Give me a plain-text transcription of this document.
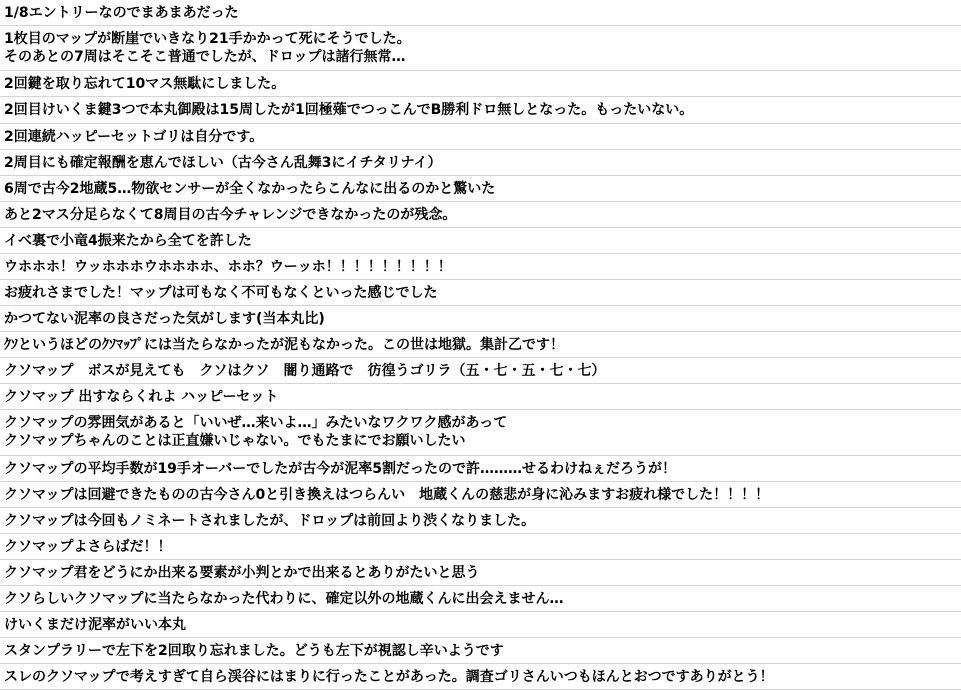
1/8エントリーなのでまあまあだった
1枚目のマップが断崖でいきなり21手かかって死にそうでした。
そのあとの7周はそこそこ普通でしたが、ドロップは諸行無常…
2回鍵を取り忘れて10マス無駄にしました。
2回目けいくま鍵3つで本丸御殿は15周したが1回極薙でつっこんでB勝利ドロ無しとなった。もったいない。
2回連続ハッピーセットゴリは自分です。
2周目にも確定報酬を恵んでほしい（古今さん乱舞3にイチタリナイ）
6周で古今2地蔵5…物欲センサーが全くなかったらこんなに出るのかと驚いた
あと2マス分足らなくて8周目の古今チャレンジできなかったのが残念。
イベ裏で小竜4振来たから全てを許した
ウホホホ！ウッホホホウホホホホ、ホホ？ウーッホ！！！！！！！！！
お疲れさまでした！マップは可もなく不可もなくといった感じでした
かつてない泥率の良さだった気がします(当本丸比)
ｸｿというほどのｸｿﾏｯﾌﾟには当たらなかったが泥もなかった。この世は地獄。集計乙です！
クソマップ　ボスが見えても　クソはクソ　闇り通路で　彷徨うゴリラ（五・七・五・七・七）
クソマップ 出すならくれよ ハッピーセット
クソマップの雰囲気があると「いいぜ…来いよ…」みたいなワクワク感があって
クソマップちゃんのことは正直嫌いじゃない。でもたまにでお願いしたい
クソマップの平均手数が19手オーバーでしたが古今が泥率5割だったので許………せるわけねぇだろうが！
クソマップは回避できたものの古今さん0と引き換えはつらんい　地蔵くんの慈悲が身に沁みますお疲れ様でした！！！！
クソマップは今回もノミネートされましたが、ドロップは前回より渋くなりました。
クソマップよさらばだ！！
クソマップ君をどうにか出来る要素が小判とかで出来るとありがたいと思う
クソらしいクソマップに当たらなかった代わりに、確定以外の地蔵くんに出会えません…
けいくまだけ泥率がいい本丸
スタンプラリーで左下を2回取り忘れました。どうも左下が視認し辛いようです
スレのクソマップで考えすぎて自ら渓谷にはまりに行ったことがあった。調査ゴリさんいつもほんとおつですありがとう！
